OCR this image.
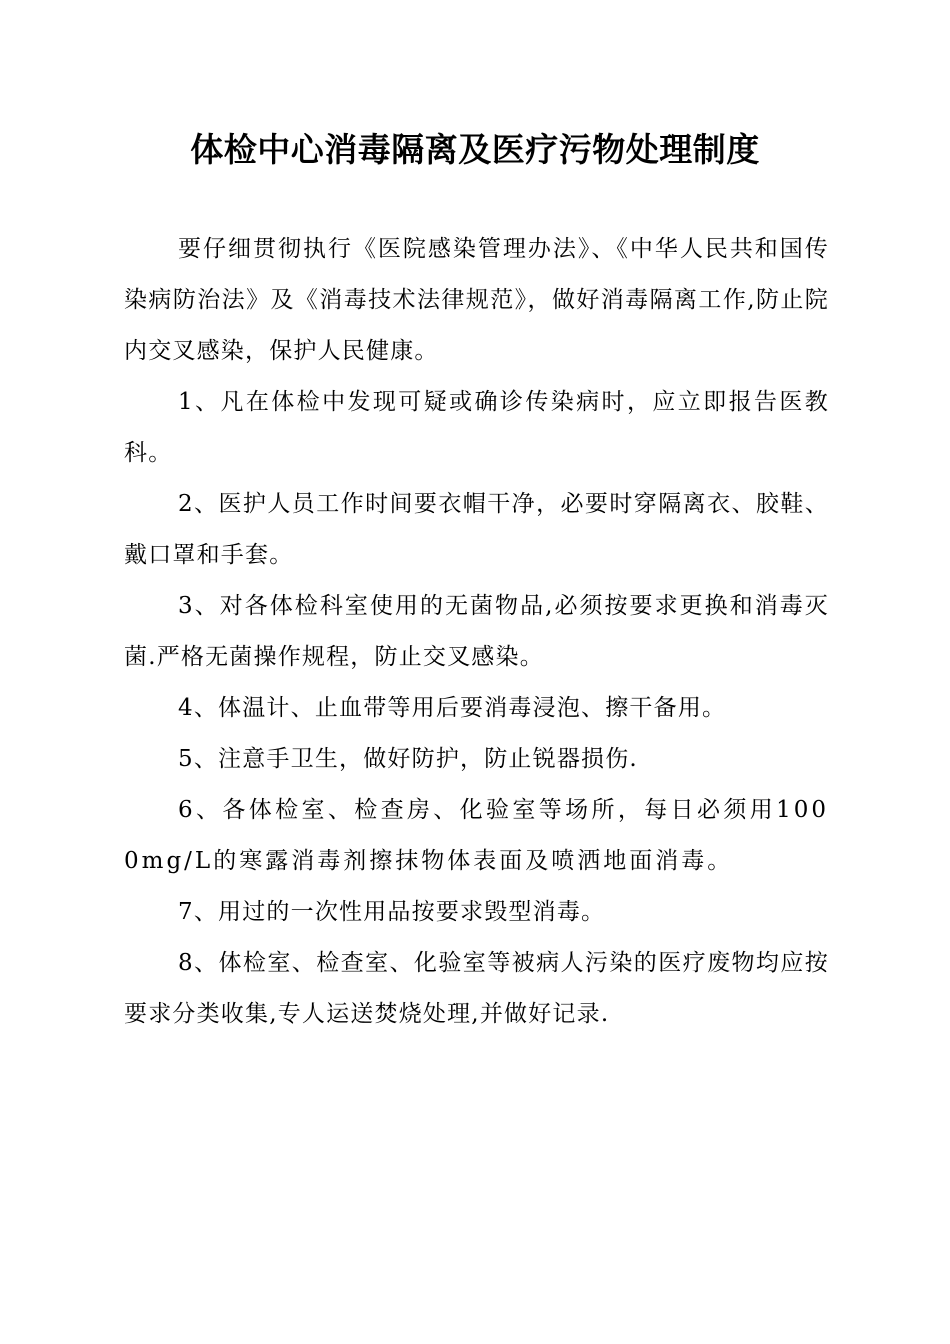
体检中心消毒隔离及医疗污物处理制度

要仔细贯彻执行《医院感染管理办法》、《中华人民共和国传染病防治法》及《消毒技术法律规范》，做好消毒隔离工作,防止院内交叉感染，保护人民健康。

1、凡在体检中发现可疑或确诊传染病时，应立即报告医教科。

2、医护人员工作时间要衣帽干净，必要时穿隔离衣、胶鞋、戴口罩和手套。

3、对各体检科室使用的无菌物品,必须按要求更换和消毒灭菌.严格无菌操作规程，防止交叉感染。

4、体温计、止血带等用后要消毒浸泡、擦干备用。

5、注意手卫生，做好防护，防止锐器损伤.

6、各体检室、检查房、化验室等场所，每日必须用1000mg/L的寒露消毒剂擦抹物体表面及喷洒地面消毒。

7、用过的一次性用品按要求毁型消毒。

8、体检室、检查室、化验室等被病人污染的医疗废物均应按要求分类收集,专人运送焚烧处理,并做好记录.
